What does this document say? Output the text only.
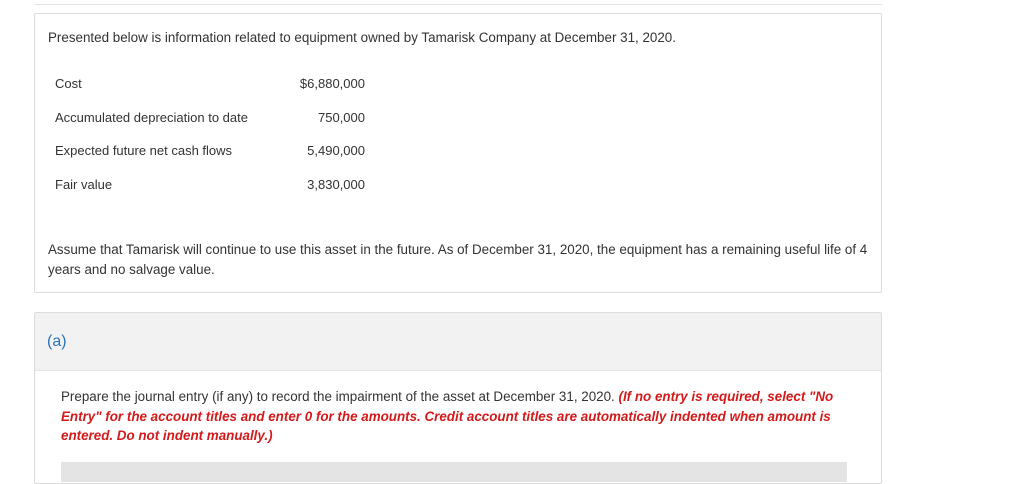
Presented below is information related to equipment owned by Tamarisk Company at December 31, 2020.
Cost	$6,880,000
Accumulated depreciation to date	750,000
Expected future net cash flows	5,490,000
Fair value	3,830,000
Assume that Tamarisk will continue to use this asset in the future. As of December 31, 2020, the equipment has a remaining useful life of 4 years and no salvage value.
(a)
Prepare the journal entry (if any) to record the impairment of the asset at December 31, 2020. (If no entry is required, select "No Entry" for the account titles and enter 0 for the amounts. Credit account titles are automatically indented when amount is entered. Do not indent manually.)
